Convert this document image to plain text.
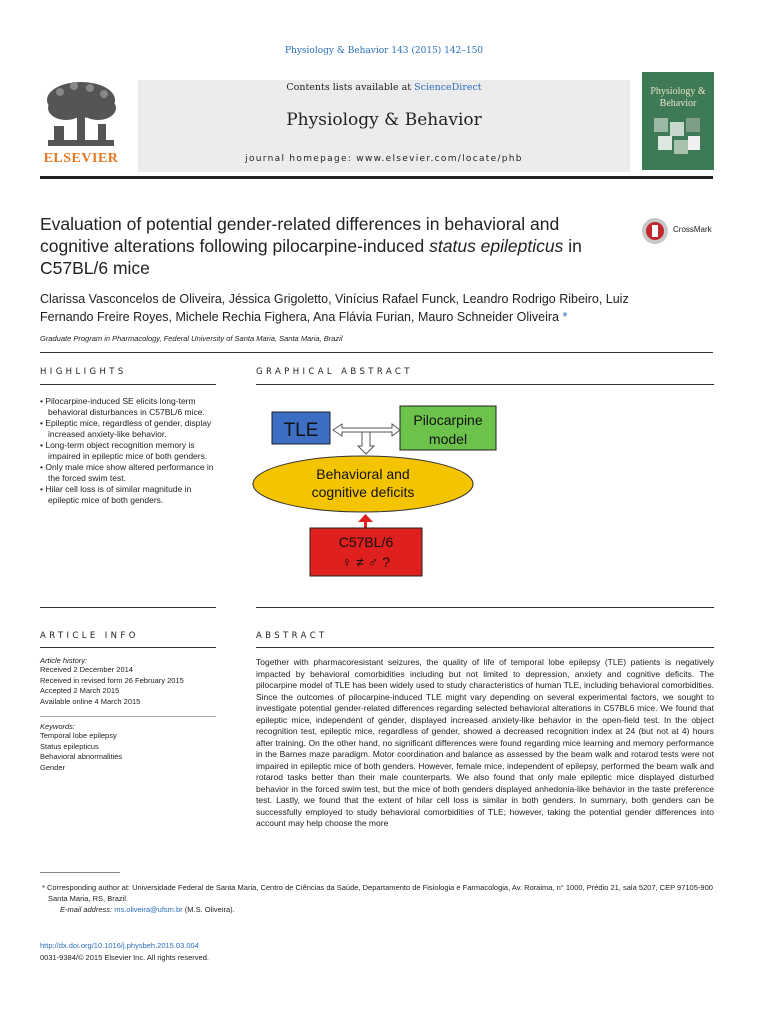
Physiology & Behavior 143 (2015) 142–150
ELSEVIER
Contents lists available at ScienceDirect
Physiology & Behavior
journal homepage: www.elsevier.com/locate/phb
Physiology & Behavior
Evaluation of potential gender-related differences in behavioral and cognitive alterations following pilocarpine-induced status epilepticus in C57BL/6 mice
CrossMark
Clarissa Vasconcelos de Oliveira, Jéssica Grigoletto, Vinícius Rafael Funck, Leandro Rodrigo Ribeiro, Luiz Fernando Freire Royes, Michele Rechia Fighera, Ana Flávia Furian, Mauro Schneider Oliveira *
Graduate Program in Pharmacology, Federal University of Santa Maria, Santa Maria, Brazil
HIGHLIGHTS
• Pilocarpine-induced SE elicits long-term behavioral disturbances in C57BL/6 mice.
• Epileptic mice, regardless of gender, display increased anxiety-like behavior.
• Long-term object recognition memory is impaired in epileptic mice of both genders.
• Only male mice show altered performance in the forced swim test.
• Hilar cell loss is of similar magnitude in epileptic mice of both genders.
GRAPHICAL ABSTRACT
TLE	Pilocarpine
model
Behavioral and
cognitive deficits
C57BL/6
♀ ≠ ♂ ?
ARTICLE INFO
Article history:
Received 2 December 2014
Received in revised form 26 February 2015
Accepted 2 March 2015
Available online 4 March 2015
Keywords:
Temporal lobe epilepsy
Status epilepticus
Behavioral abnormalities
Gender
ABSTRACT
Together with pharmacoresistant seizures, the quality of life of temporal lobe epilepsy (TLE) patients is negatively impacted by behavioral comorbidities including but not limited to depression, anxiety and cognitive deficits. The pilocarpine model of TLE has been widely used to study characteristics of human TLE, including behavioral comorbidities. Since the outcomes of pilocarpine-induced TLE might vary depending on several experimental factors, we sought to investigate potential gender-related differences regarding selected behavioral alterations in C57BL6 mice. We found that epileptic mice, independent of gender, displayed increased anxiety-like behavior in the open-field test. In the object recognition test, epileptic mice, regardless of gender, showed a decreased recognition index at 24 (but not at 4) hours after training. On the other hand, no significant differences were found regarding mice learning and memory performance in the Barnes maze paradigm. Motor coordination and balance as assessed by the beam walk and rotarod tests were not impaired in epileptic mice of both genders. However, female mice, independent of epilepsy, performed the beam walk and rotarod tasks better than their male counterparts. We also found that only male epileptic mice displayed disturbed behavior in the forced swim test, but the mice of both genders displayed anhedonia-like behavior in the taste preference test. Lastly, we found that the extent of hilar cell loss is similar in both genders. In summary, both genders can be successfully employed to study behavioral comorbidities of TLE; however, taking the potential gender differences into account may help choose the more
* Corresponding author at: Universidade Federal de Santa Maria, Centro de Ciências da Saúde, Departamento de Fisiologia e Farmacologia, Av. Roraima, n° 1000, Prédio 21, sala 5207, CEP 97105-900 Santa Maria, RS, Brazil.
E-mail address: ms.oliveira@ufsm.br (M.S. Oliveira).
http://dx.doi.org/10.1016/j.physbeh.2015.03.004
0031-9384/© 2015 Elsevier Inc. All rights reserved.
